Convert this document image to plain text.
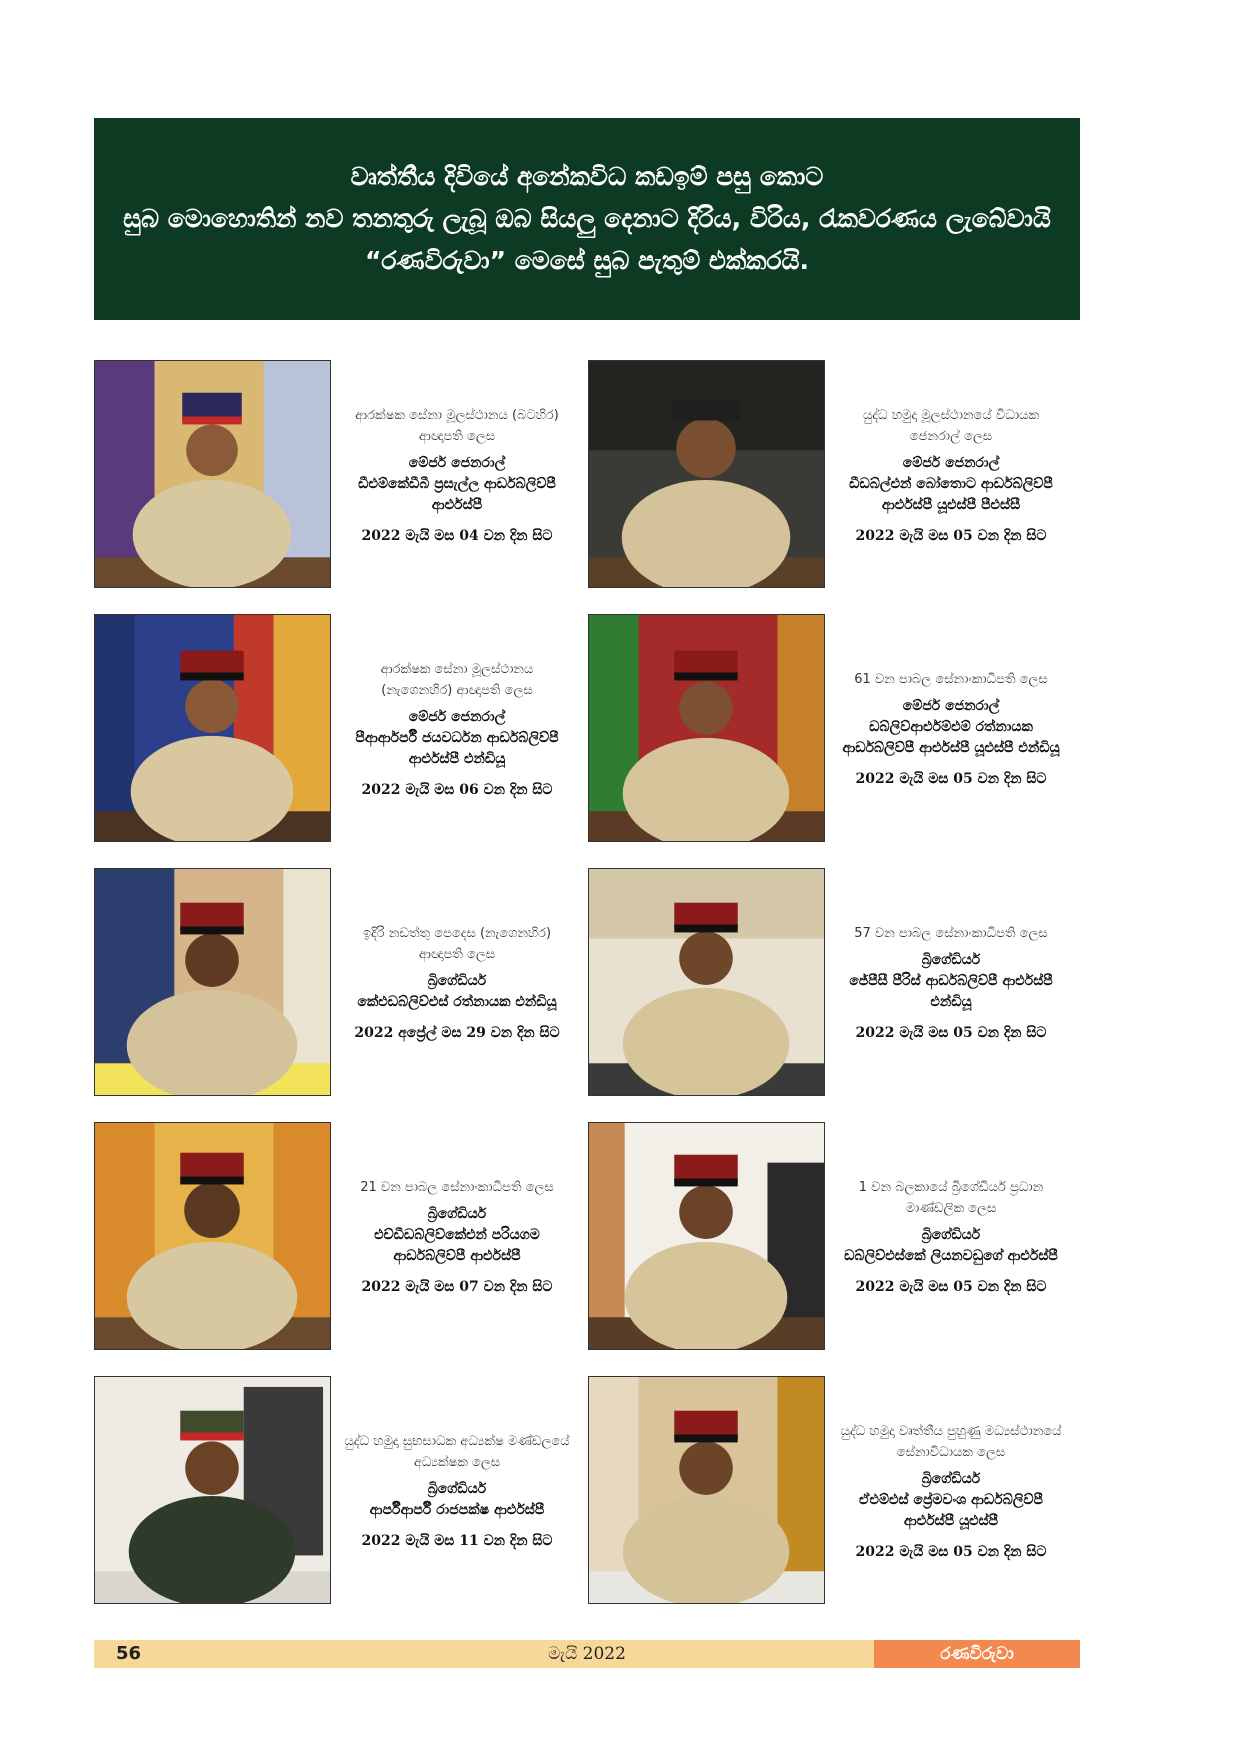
වෘත්තීය දිවියේ අනේකවිධ කඩඉම් පසු කොට
සුබ මොහොතින් නව තනතුරු ලැබූ ඔබ සියලු දෙනාට දිරිය, විරිය, රැකවරණය ලැබේවායි
“රණවිරුවා” මෙසේ සුබ පැතුම් එක්කරයි.
ආරක්ෂක සේනා මූලස්ථානය (බටහිර) ආඥාපති ලෙස
මේජර් ජෙනරාල්
ඩීඑම්කේඩීබී ප්‍රසැල්ල ආර්ඩබ්ලිව්පී ආර්එස්පී
2022 මැයි මස 04 වන දින සිට
යුද්ධ හමුදා මූලස්ථානයේ විධායක ජෙනරාල් ලෙස
මේජර් ජෙනරාල්
ඩීඩබ්ල්එන් බෝතොට ආර්ඩබ්ලිව්පී ආර්එස්පී යූඑස්පී පීඑස්සී
2022 මැයි මස 05 වන දින සිට
ආරක්ෂක සේනා මූලස්ථානය (නැගෙනහිර) ආඥාපති ලෙස
මේජර් ජෙනරාල්
පීආර්ආර්පී ජයවර්ධන ආර්ඩබ්ලිව්පී ආර්එස්පී එන්ඩියූ
2022 මැයි මස 06 වන දින සිට
61 වන පාබල සේනාංකාධිපති ලෙස
මේජර් ජෙනරාල්
ඩබ්ලිව්ආර්එම්එම් රත්නායක ආර්ඩබ්ලිව්පී ආර්එස්පී යූඑස්පී එන්ඩියූ
2022 මැයි මස 05 වන දින සිට
ඉදිරි නඩත්තු පෙදෙස (නැගෙනහිර) ආඥාපති ලෙස
බ්‍රිගේඩියර්
කේඑඩබ්ලිව්එස් රත්නායක එන්ඩියූ
2022 අප්‍රේල් මස 29 වන දින සිට
57 වන පාබල සේනාංකාධිපති ලෙස
බ්‍රිගේඩියර්
ජේපීසී පීරිස් ආර්ඩබ්ලිව්පී ආර්එස්පී එන්ඩියූ
2022 මැයි මස 05 වන දින සිට
21 වන පාබල සේනාංකාධිපති ලෙස
බ්‍රිගේඩියර්
එච්ඩීඩබ්ලිව්කේඑන් පරියගම ආර්ඩබ්ලිව්පී ආර්එස්පී
2022 මැයි මස 07 වන දින සිට
1 වන බලකායේ බ්‍රිගේඩියර් ප්‍රධාන මාණ්ඩලික ලෙස
බ්‍රිගේඩියර්
ඩබ්ලිව්එස්කේ ලියනවඩුගේ ආර්එස්පී
2022 මැයි මස 05 වන දින සිට
යුද්ධ හමුදා සුභසාධක අධ්‍යක්ෂ මණ්ඩලයේ අධ්‍යක්ෂක ලෙස
බ්‍රිගේඩියර්
ආර්පීආර්පී රාජපක්ෂ ආර්එස්පී
2022 මැයි මස 11 වන දින සිට
යුද්ධ හමුදා වෘත්තීය පුහුණු මධ්‍යස්ථානයේ සේනාවිධායක ලෙස
බ්‍රිගේඩියර්
ඒඑම්එස් ප්‍රේමවංශ ආර්ඩබ්ලිව්පී ආර්එස්පී යූඑස්පී
2022 මැයි මස 05 වන දින සිට
56	මැයි 2022	රණවිරුවා
